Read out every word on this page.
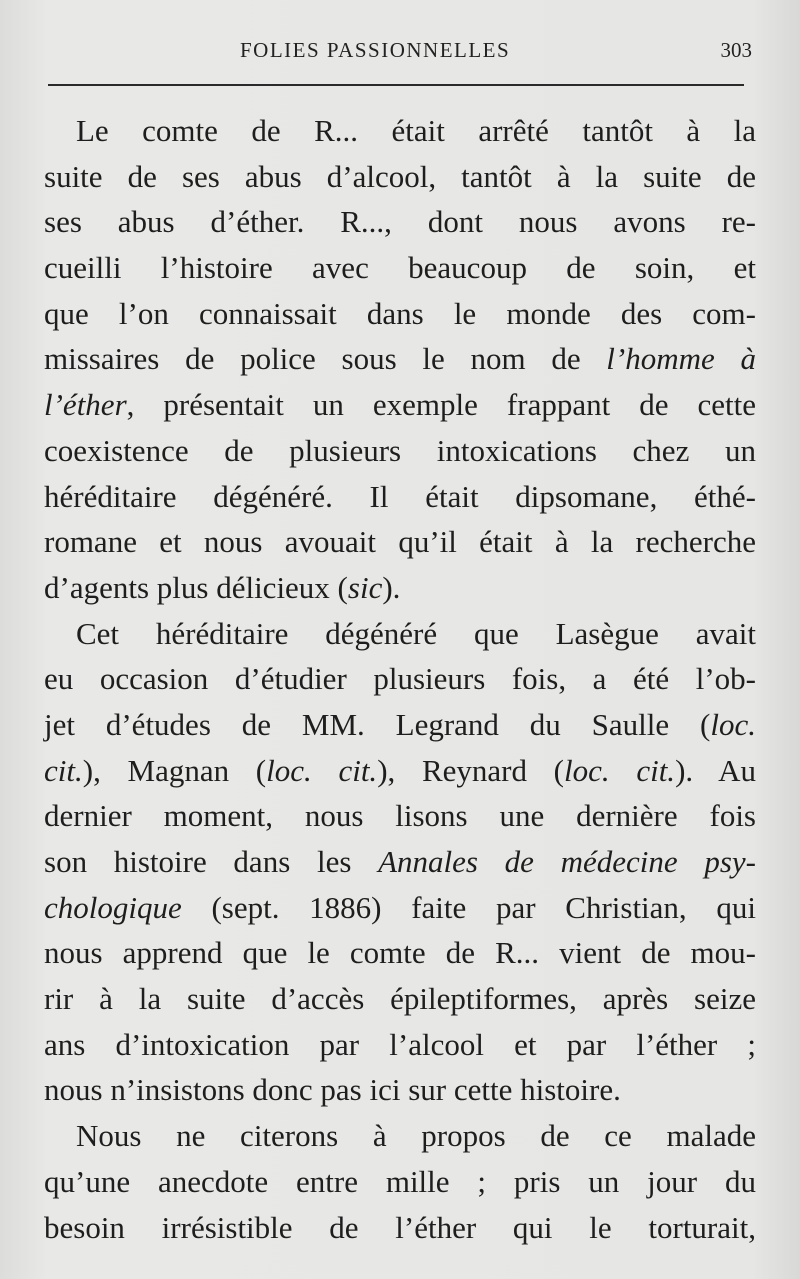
FOLIES PASSIONNELLES	303
Le comte de R... était arrêté tantôt à la
suite de ses abus d’alcool, tantôt à la suite de
ses abus d’éther. R..., dont nous avons re-
cueilli l’histoire avec beaucoup de soin, et
que l’on connaissait dans le monde des com-
missaires de police sous le nom de l’homme à
l’éther, présentait un exemple frappant de cette
coexistence de plusieurs intoxications chez un
héréditaire dégénéré. Il était dipsomane, éthé-
romane et nous avouait qu’il était à la recherche
d’agents plus délicieux (sic).
Cet héréditaire dégénéré que Lasègue avait
eu occasion d’étudier plusieurs fois, a été l’ob-
jet d’études de MM. Legrand du Saulle (loc.
cit.), Magnan (loc. cit.), Reynard (loc. cit.). Au
dernier moment, nous lisons une dernière fois
son histoire dans les Annales de médecine psy-
chologique (sept. 1886) faite par Christian, qui
nous apprend que le comte de R... vient de mou-
rir à la suite d’accès épileptiformes, après seize
ans d’intoxication par l’alcool et par l’éther ;
nous n’insistons donc pas ici sur cette histoire.
Nous ne citerons à propos de ce malade
qu’une anecdote entre mille ; pris un jour du
besoin irrésistible de l’éther qui le torturait,
